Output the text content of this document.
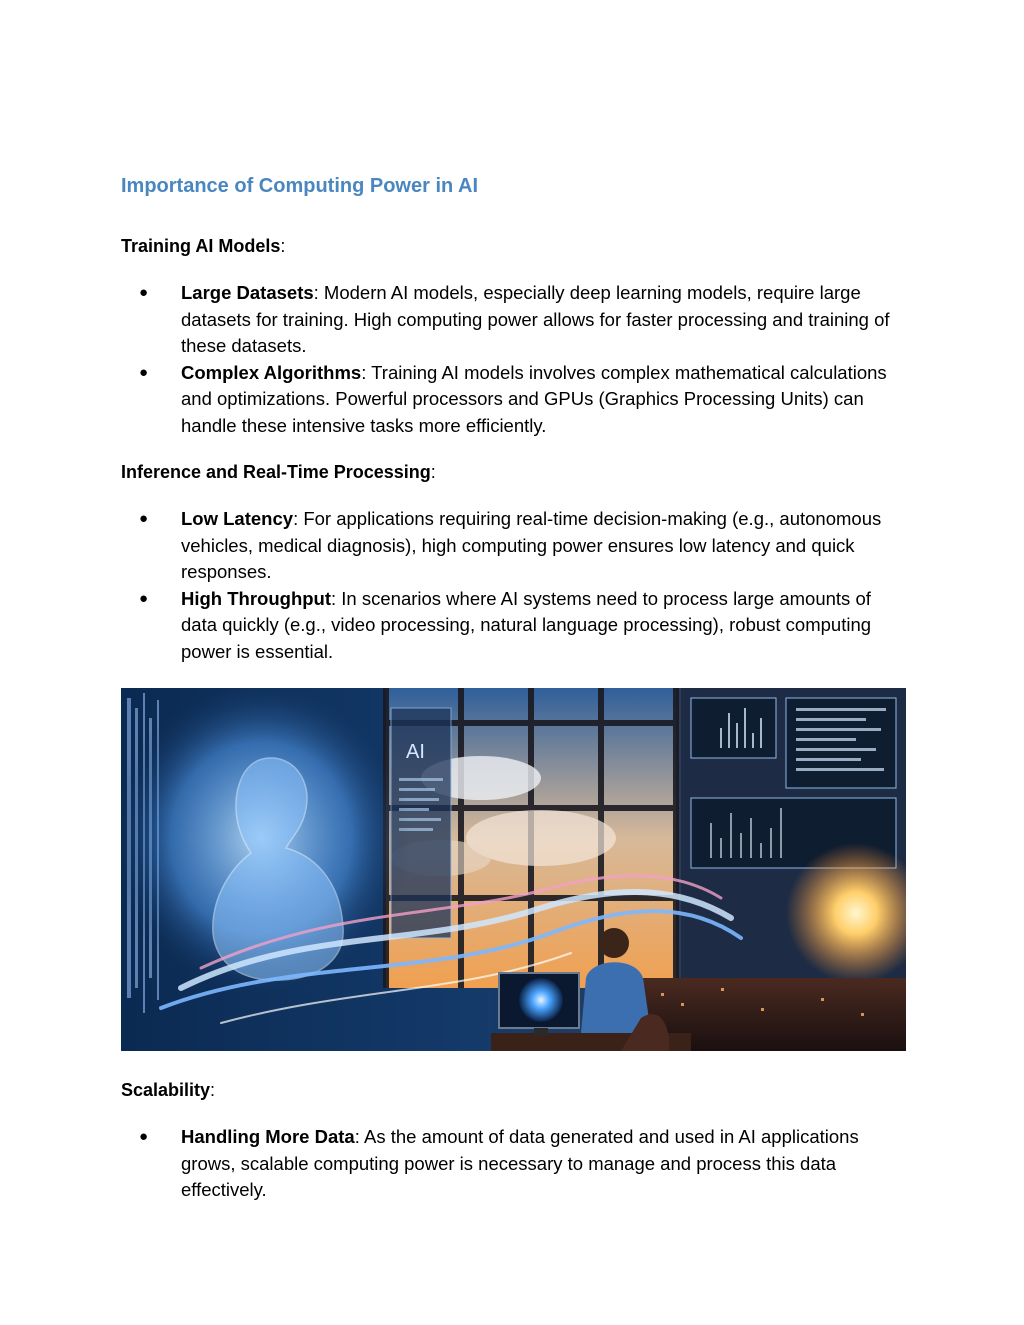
Importance of Computing Power in AI

Training AI Models:

● Large Datasets: Modern AI models, especially deep learning models, require large datasets for training. High computing power allows for faster processing and training of these datasets.
● Complex Algorithms: Training AI models involves complex mathematical calculations and optimizations. Powerful processors and GPUs (Graphics Processing Units) can handle these intensive tasks more efficiently.

Inference and Real-Time Processing:

● Low Latency: For applications requiring real-time decision-making (e.g., autonomous vehicles, medical diagnosis), high computing power ensures low latency and quick responses.
● High Throughput: In scenarios where AI systems need to process large amounts of data quickly (e.g., video processing, natural language processing), robust computing power is essential.
AI

Scalability:

● Handling More Data: As the amount of data generated and used in AI applications grows, scalable computing power is necessary to manage and process this data effectively.
